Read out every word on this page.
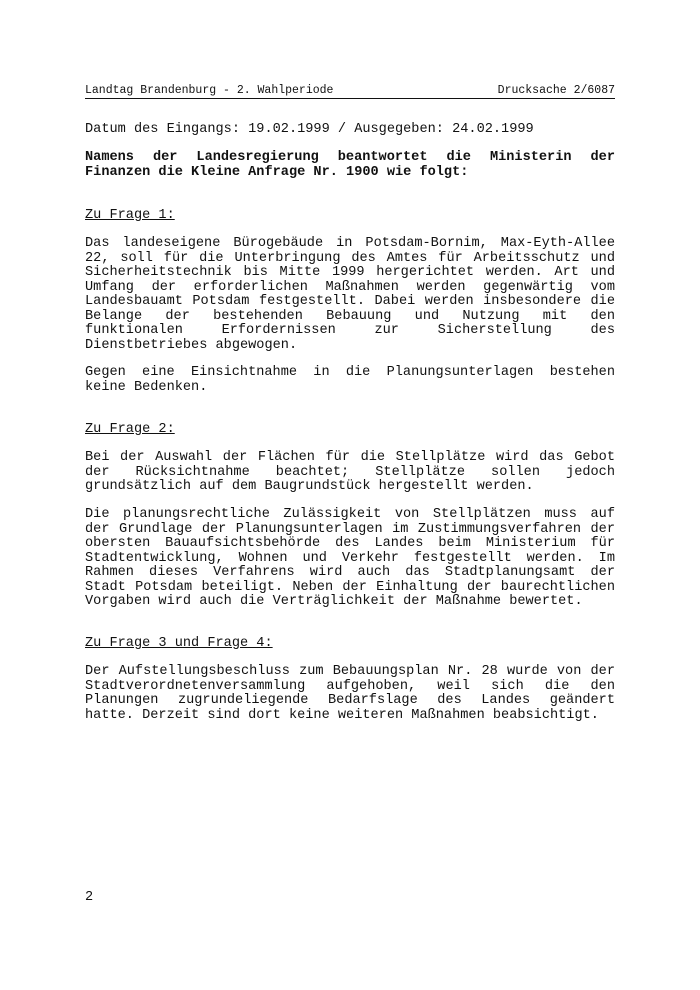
Landtag Brandenburg - 2. Wahlperiode	Drucksache 2/6087
Datum des Eingangs: 19.02.1999 / Ausgegeben: 24.02.1999
Namens der Landesregierung beantwortet die Ministerin der Finanzen die Kleine Anfrage Nr. 1900 wie folgt:
Zu Frage 1:
Das landeseigene Bürogebäude in Potsdam-Bornim, Max-Eyth-Allee 22, soll für die Unterbringung des Amtes für Arbeitsschutz und Sicherheitstechnik bis Mitte 1999 hergerichtet werden. Art und Umfang der erforderlichen Maßnahmen werden gegenwärtig vom Landesbauamt Potsdam festgestellt. Dabei werden insbesondere die Belange der bestehenden Bebauung und Nutzung mit den funktionalen Erfordernissen zur Sicherstellung des Dienstbetriebes abgewogen.
Gegen eine Einsichtnahme in die Planungsunterlagen bestehen keine Bedenken.
Zu Frage 2:
Bei der Auswahl der Flächen für die Stellplätze wird das Gebot der Rücksichtnahme beachtet; Stellplätze sollen jedoch grundsätzlich auf dem Baugrundstück hergestellt werden.
Die planungsrechtliche Zulässigkeit von Stellplätzen muss auf der Grundlage der Planungsunterlagen im Zustimmungsverfahren der obersten Bauaufsichtsbehörde des Landes beim Ministerium für Stadtentwicklung, Wohnen und Verkehr festgestellt werden. Im Rahmen dieses Verfahrens wird auch das Stadtplanungsamt der Stadt Potsdam beteiligt. Neben der Einhaltung der baurechtlichen Vorgaben wird auch die Verträglichkeit der Maßnahme bewertet.
Zu Frage 3 und Frage 4:
Der Aufstellungsbeschluss zum Bebauungsplan Nr. 28 wurde von der Stadtverordnetenversammlung aufgehoben, weil sich die den Planungen zugrundeliegende Bedarfslage des Landes geändert hatte. Derzeit sind dort keine weiteren Maßnahmen beabsichtigt.
2
